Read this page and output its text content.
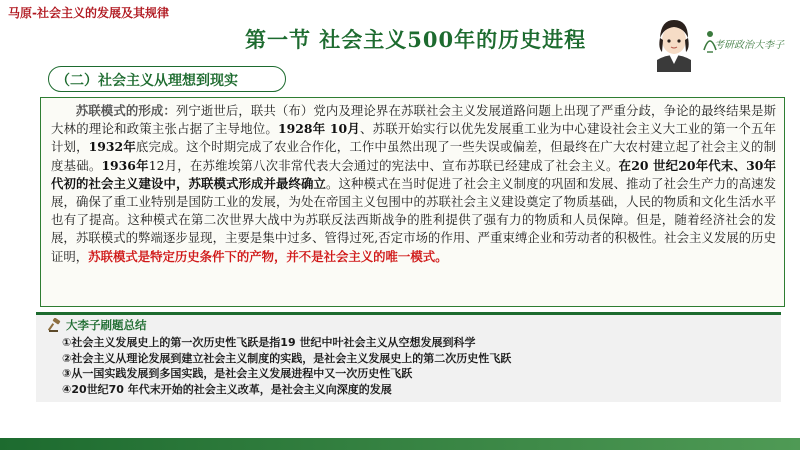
马原-社会主义的发展及其规律
第一节 社会主义500年的历史进程	考研政治大李子
（二）社会主义从理想到现实

苏联模式的形成：列宁逝世后，联共（布）党内及理论界在苏联社会主义发展道路问题上出现了严重分歧，争论的最终结果是斯大林的理论和政策主张占据了主导地位。1928年 10月、苏联开始实行以优先发展重工业为中心建设社会主义大工业的第一个五年计划，1932年底完成。这个时期完成了农业合作化，工作中虽然出现了一些失误或偏差，但最终在广大农村建立起了社会主义的制度基础。1936年12月，在苏维埃第八次非常代表大会通过的宪法中、宣布苏联已经建成了社会主义。在20 世纪20年代末、30年代初的社会主义建设中，苏联模式形成并最终确立。这种模式在当时促进了社会主义制度的巩固和发展、推动了社会生产力的高速发展，确保了重工业特别是国防工业的发展，为处在帝国主义包围中的苏联社会主义建设奠定了物质基础，人民的物质和文化生活水平也有了提高。这种模式在第二次世界大战中为苏联反法西斯战争的胜利提供了强有力的物质和人员保障。但是，随着经济社会的发展，苏联模式的弊端逐步显现，主要是集中过多、管得过死,否定市场的作用、严重束缚企业和劳动者的积极性。社会主义发展的历史证明，苏联模式是特定历史条件下的产物，并不是社会主义的唯一模式。

大李子刷题总结
①社会主义发展史上的第一次历史性飞跃是指19 世纪中叶社会主义从空想发展到科学
②社会主义从理论发展到建立社会主义制度的实践，是社会主义发展史上的第二次历史性飞跃
③从一国实践发展到多国实践，是社会主义发展进程中又一次历史性飞跃
④20世纪70 年代末开始的社会主义改革，是社会主义向深度的发展
